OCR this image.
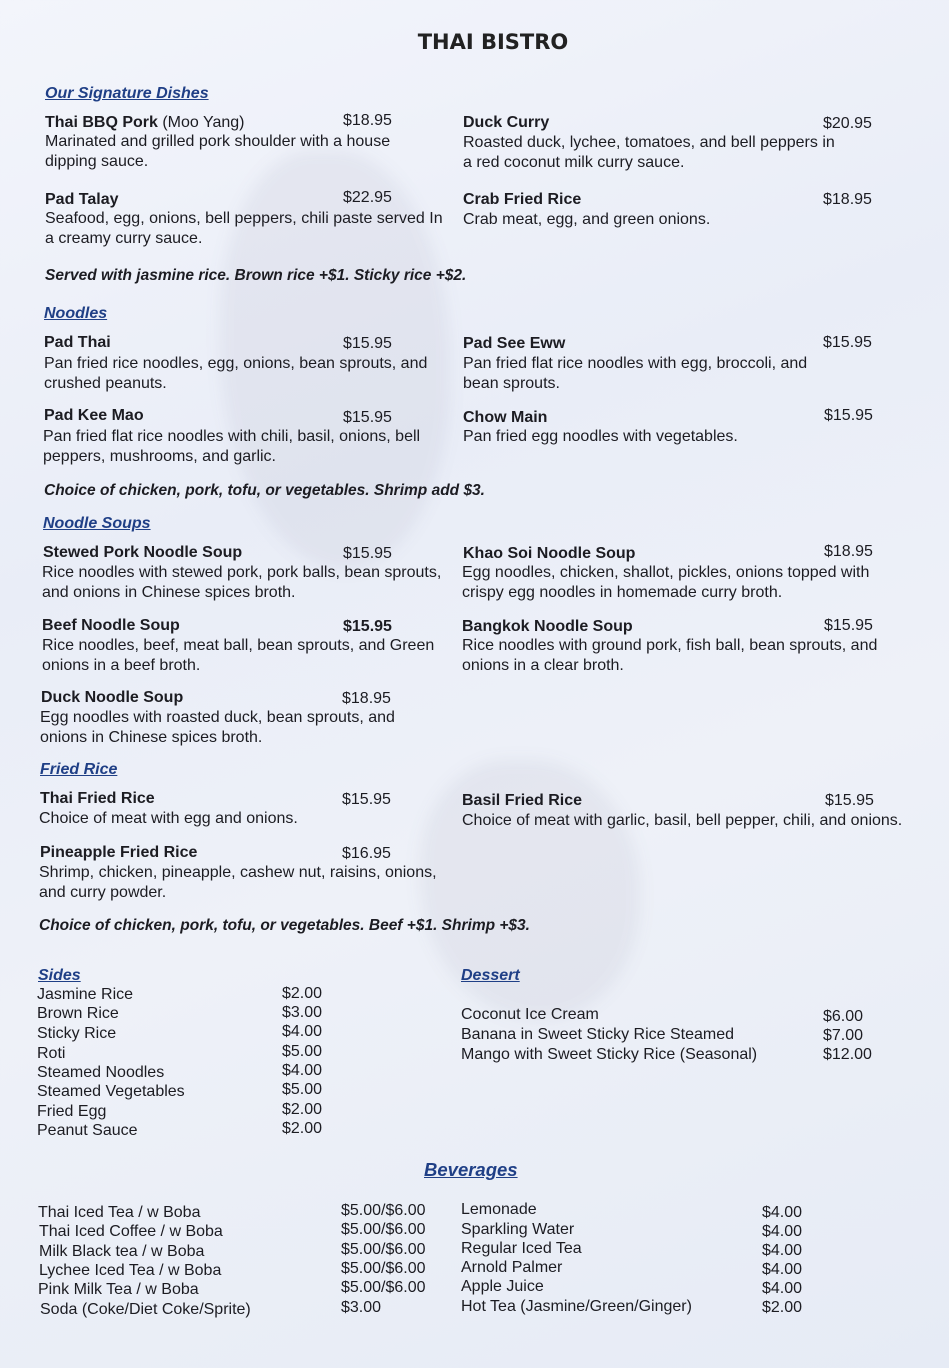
THAI BISTRO
Our Signature Dishes
Thai BBQ Pork (Moo Yang)	$18.95
Marinated and grilled pork shoulder with a house dipping sauce.
Duck Curry	$20.95
Roasted duck, lychee, tomatoes, and bell peppers in a red coconut milk curry sauce.
Pad Talay	$22.95
Seafood, egg, onions, bell peppers, chili paste served In a creamy curry sauce.
Crab Fried Rice	$18.95
Crab meat, egg, and green onions.
Served with jasmine rice. Brown rice +$1. Sticky rice +$2.
Noodles
Pad Thai	$15.95
Pan fried rice noodles, egg, onions, bean sprouts, and crushed peanuts.
Pad See Eww	$15.95
Pan fried flat rice noodles with egg, broccoli, and bean sprouts.
Pad Kee Mao	$15.95
Pan fried flat rice noodles with chili, basil, onions, bell peppers, mushrooms, and garlic.
Chow Main	$15.95
Pan fried egg noodles with vegetables.
Choice of chicken, pork, tofu, or vegetables. Shrimp add $3.
Noodle Soups
Stewed Pork Noodle Soup	$15.95
Rice noodles with stewed pork, pork balls, bean sprouts, and onions in Chinese spices broth.
Khao Soi Noodle Soup	$18.95
Egg noodles, chicken, shallot, pickles, onions topped with crispy egg noodles in homemade curry broth.
Beef Noodle Soup	$15.95
Rice noodles, beef, meat ball, bean sprouts, and Green onions in a beef broth.
Bangkok Noodle Soup	$15.95
Rice noodles with ground pork, fish ball, bean sprouts, and onions in a clear broth.
Duck Noodle Soup	$18.95
Egg noodles with roasted duck, bean sprouts, and onions in Chinese spices broth.
Fried Rice
Thai Fried Rice	$15.95
Choice of meat with egg and onions.
Basil Fried Rice	$15.95
Choice of meat with garlic, basil, bell pepper, chili, and onions.
Pineapple Fried Rice	$16.95
Shrimp, chicken, pineapple, cashew nut, raisins, onions, and curry powder.
Choice of chicken, pork, tofu, or vegetables. Beef +$1. Shrimp +$3.
Sides
Jasmine Rice	$2.00
Brown Rice	$3.00
Sticky Rice	$4.00
Roti	$5.00
Steamed Noodles	$4.00
Steamed Vegetables	$5.00
Fried Egg	$2.00
Peanut Sauce	$2.00
Dessert
Coconut Ice Cream	$6.00
Banana in Sweet Sticky Rice Steamed	$7.00
Mango with Sweet Sticky Rice (Seasonal)	$12.00
Beverages
Thai Iced Tea / w Boba	$5.00/$6.00
Thai Iced Coffee / w Boba	$5.00/$6.00
Milk Black tea / w Boba	$5.00/$6.00
Lychee Iced Tea / w Boba	$5.00/$6.00
Pink Milk Tea / w Boba	$5.00/$6.00
Soda (Coke/Diet Coke/Sprite)	$3.00
Lemonade	$4.00
Sparkling Water	$4.00
Regular Iced Tea	$4.00
Arnold Palmer	$4.00
Apple Juice	$4.00
Hot Tea (Jasmine/Green/Ginger)	$2.00
